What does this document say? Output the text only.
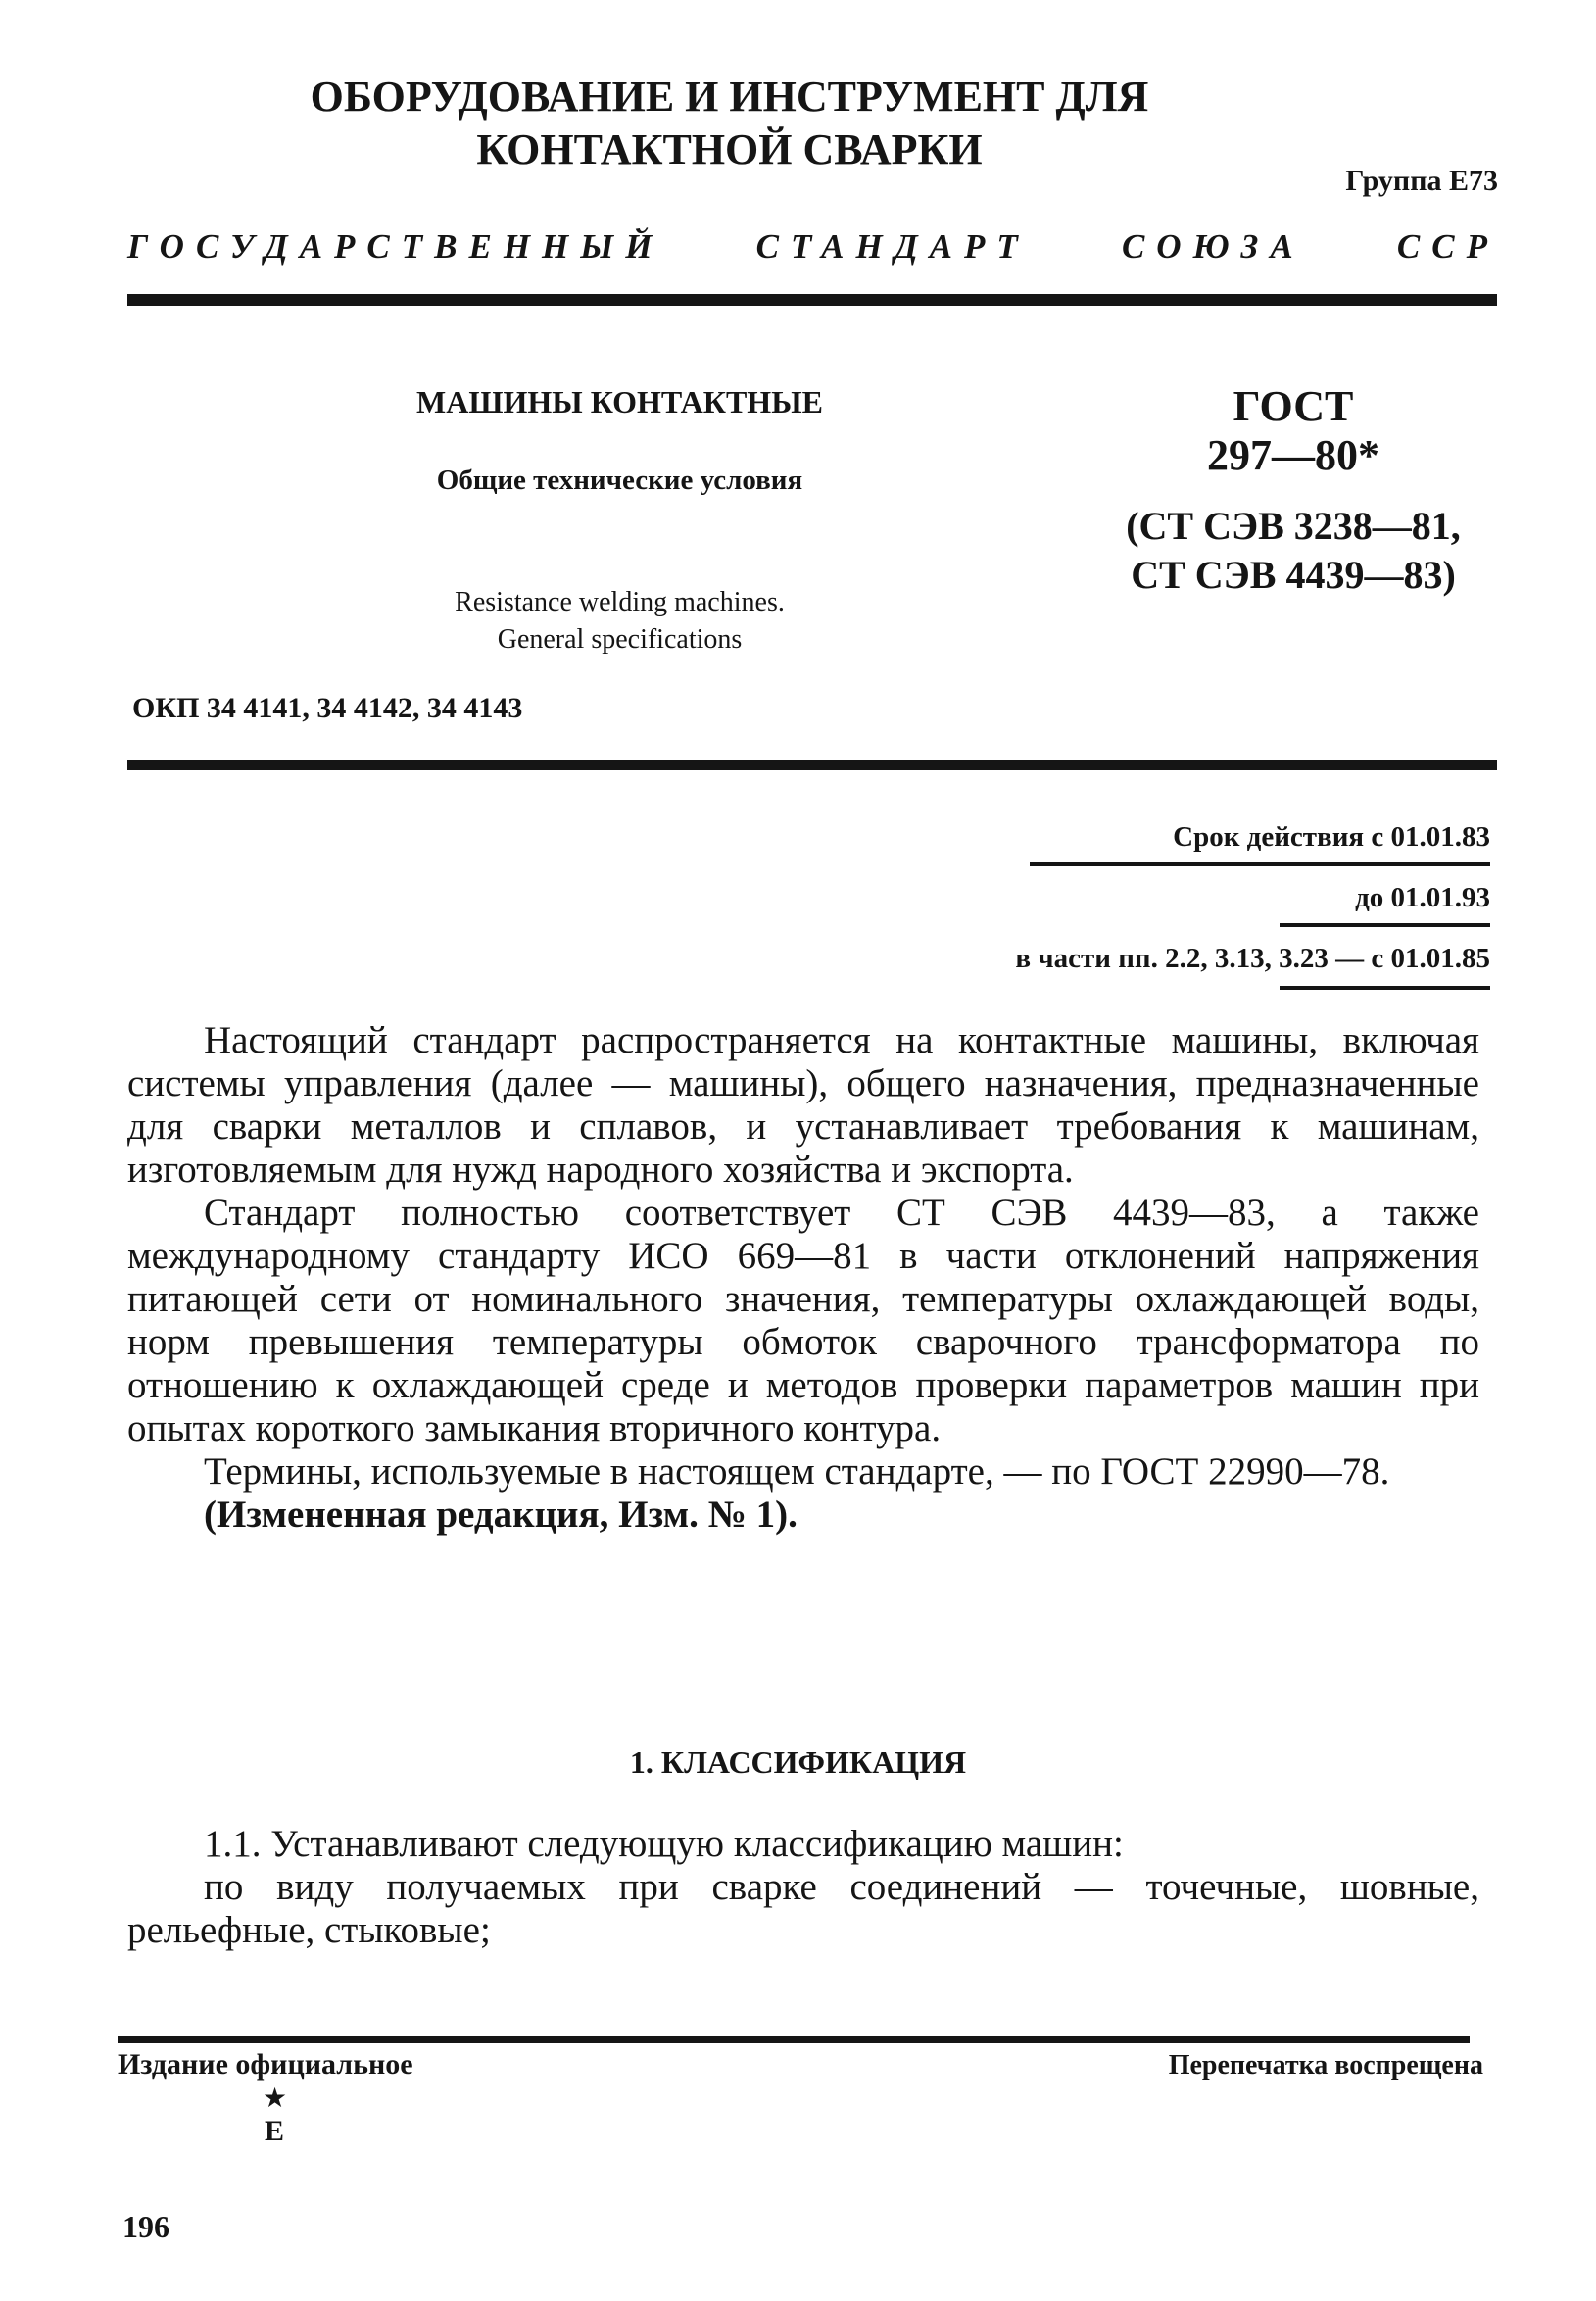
ОБОРУДОВАНИЕ И ИНСТРУМЕНТ ДЛЯ
КОНТАКТНОЙ СВАРКИ
Группа Е73
ГОСУДАРСТВЕННЫЙ	СТАНДАРТ	СОЮЗА	ССР
МАШИНЫ КОНТАКТНЫЕ
Общие технические условия
Resistance welding machines.
General specifications
ГОСТ
297—80*
(СТ СЭВ 3238—81,
СТ СЭВ 4439—83)
ОКП 34 4141, 34 4142, 34 4143
Срок действия с 01.01.83
до 01.01.93
в части пп. 2.2, 3.13, 3.23 — с 01.01.85

Настоящий стандарт распространяется на контактные машины, включая системы управления (далее — машины), общего назначения, предназначенные для сварки металлов и сплавов, и устанавливает требования к машинам, изготовляемым для нужд народного хозяйства и экспорта.

Стандарт полностью соответствует СТ СЭВ 4439—83, а также международному стандарту ИСО 669—81 в части отклонений напряжения питающей сети от номинального значения, температуры охлаждающей воды, норм превышения температуры обмоток сварочного трансформатора по отношению к охлаждающей среде и методов проверки параметров машин при опытах короткого замыкания вторичного контура.

Термины, используемые в настоящем стандарте, — по ГОСТ 22990—78.

(Измененная редакция, Изм. № 1).

1. КЛАССИФИКАЦИЯ

1.1. Устанавливают следующую классификацию машин:

по виду получаемых при сварке соединений — точечные, шовные, рельефные, стыковые;

Издание официальное	Перепечатка воспрещена
★
Е
196
